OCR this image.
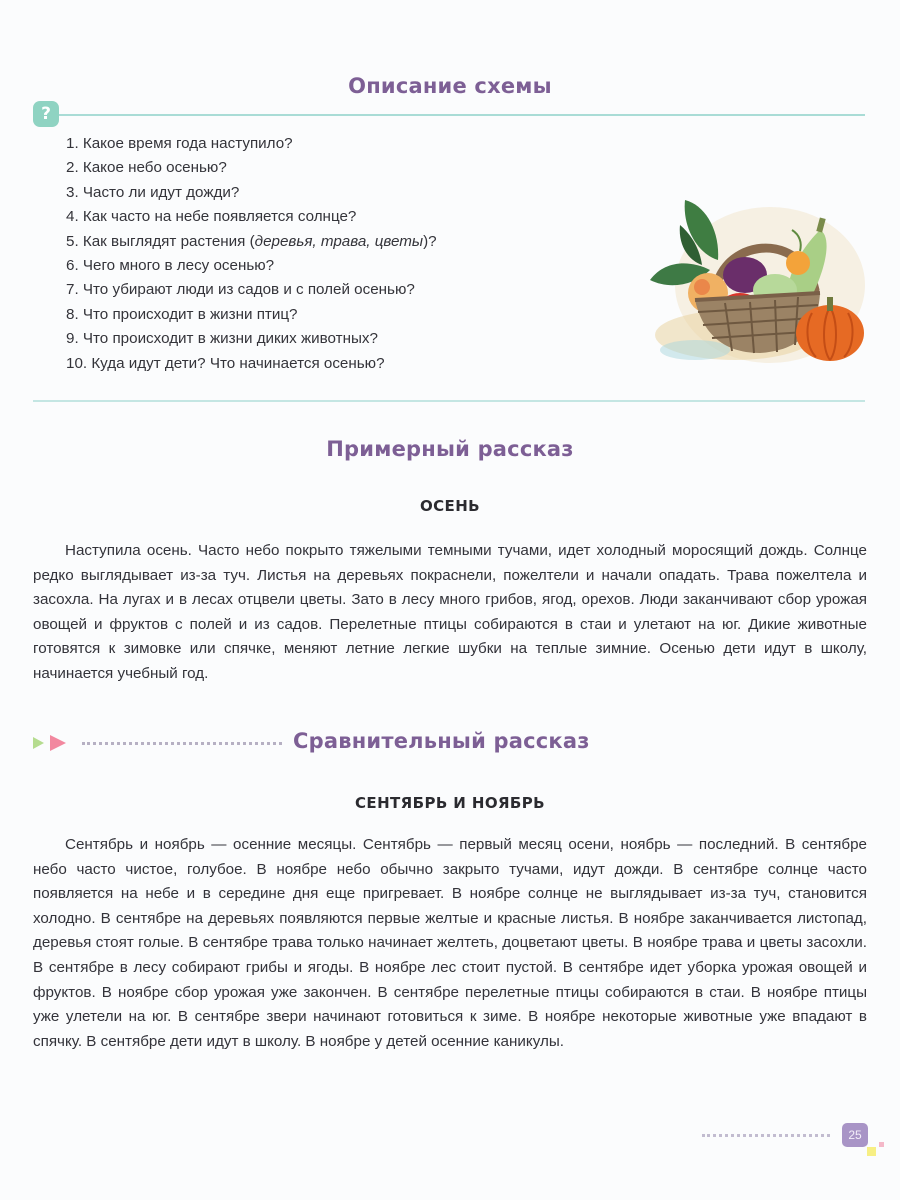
Описание схемы
?
1. Какое время года наступило?
2. Какое небо осенью?
3. Часто ли идут дожди?
4. Как часто на небе появляется солнце?
5. Как выглядят растения (деревья, трава, цветы)?
6. Чего много в лесу осенью?
7. Что убирают люди из садов и с полей осенью?
8. Что происходит в жизни птиц?
9. Что происходит в жизни диких животных?
10. Куда идут дети? Что начинается осенью?
Примерный рассказ
ОСЕНЬ

Наступила осень. Часто небо покрыто тяжелыми темными тучами, идет холодный моросящий дождь. Солнце редко выглядывает из-за туч. Листья на деревьях покраснели, пожелтели и начали опадать. Трава пожелтела и засохла. На лугах и в лесах отцвели цветы. Зато в лесу много грибов, ягод, орехов. Люди заканчивают сбор урожая овощей и фруктов с полей и из садов. Перелетные птицы собираются в стаи и улетают на юг. Дикие животные готовятся к зимовке или спячке, меняют летние легкие шубки на теплые зимние. Осенью дети идут в школу, начинается учебный год.

Сравнительный рассказ
СЕНТЯБРЬ И НОЯБРЬ

Сентябрь и ноябрь — осенние месяцы. Сентябрь — первый месяц осени, ноябрь — последний. В сентябре небо часто чистое, голубое. В ноябре небо обычно закрыто тучами, идут дожди. В сентябре солнце часто появляется на небе и в середине дня еще пригревает. В ноябре солнце не выглядывает из-за туч, становится холодно. В сентябре на деревьях появляются первые желтые и красные листья. В ноябре заканчивается листопад, деревья стоят голые. В сентябре трава только начинает желтеть, доцветают цветы. В ноябре трава и цветы засохли. В сентябре в лесу собирают грибы и ягоды. В ноябре лес стоит пустой. В сентябре идет уборка урожая овощей и фруктов. В ноябре сбор урожая уже закончен. В сентябре перелетные птицы собираются в стаи. В ноябре птицы уже улетели на юг. В сентябре звери начинают готовиться к зиме. В ноябре некоторые животные уже впадают в спячку. В сентябре дети идут в школу. В ноябре у детей осенние каникулы.

25
